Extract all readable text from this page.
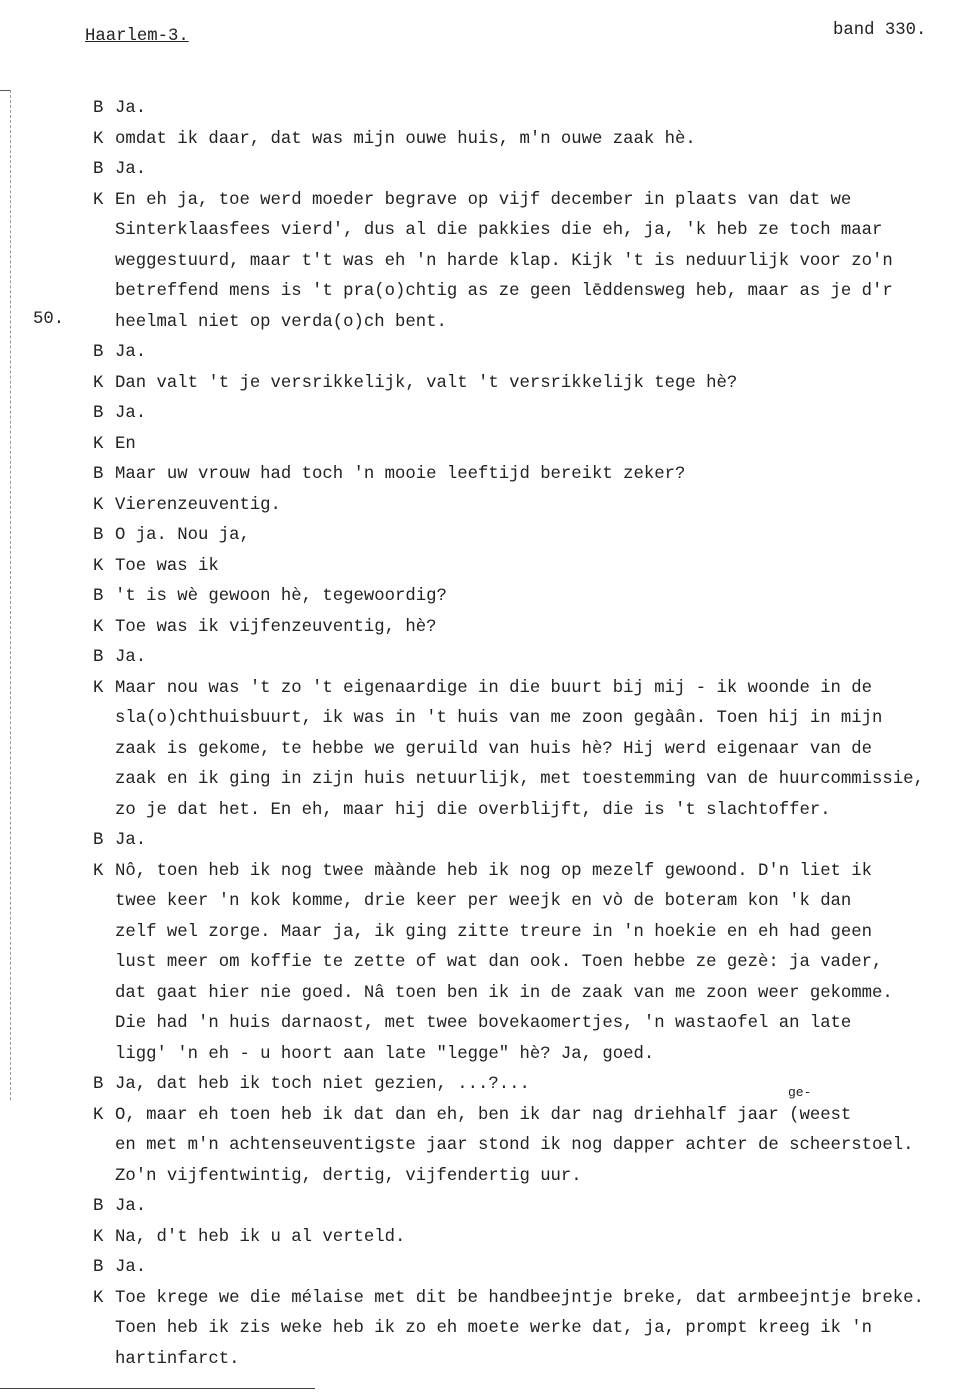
Haarlem-3.	band 330.
50.
ge-
B Ja.
K omdat ik daar, dat was mijn ouwe huis, m'n ouwe zaak hè.
B Ja.
K En eh ja, toe werd moeder begrave op vijf december in plaats van dat we
Sinterklaasfees vierd', dus al die pakkies die eh, ja, 'k heb ze toch maar
weggestuurd, maar t't was eh 'n harde klap. Kijk 't is neduurlijk voor zo'n
betreffend mens is 't pra(o)chtig as ze geen lēddensweg heb, maar as je d'r
heelmal niet op verda(o)ch bent.
B Ja.
K Dan valt 't je versrikkelijk, valt 't versrikkelijk tege hè?
B Ja.
K En
B Maar uw vrouw had toch 'n mooie leeftijd bereikt zeker?
K Vierenzeuventig.
B O ja. Nou ja,
K Toe was ik
B 't is wè gewoon hè, tegewoordig?
K Toe was ik vijfenzeuventig, hè?
B Ja.
K Maar nou was 't zo 't eigenaardige in die buurt bij mij - ik woonde in de
sla(o)chthuisbuurt, ik was in 't huis van me zoon gegàân. Toen hij in mijn
zaak is gekome, te hebbe we geruild van huis hè? Hij werd eigenaar van de
zaak en ik ging in zijn huis netuurlijk, met toestemming van de huurcommissie,
zo je dat het. En eh, maar hij die overblijft, die is 't slachtoffer.
B Ja.
K Nô, toen heb ik nog twee màànde heb ik nog op mezelf gewoond. D'n liet ik
twee keer 'n kok komme, drie keer per weejk en vò de boteram kon 'k dan
zelf wel zorge. Maar ja, ik ging zitte treure in 'n hoekie en eh had geen
lust meer om koffie te zette of wat dan ook. Toen hebbe ze gezè: ja vader,
dat gaat hier nie goed. Nâ toen ben ik in de zaak van me zoon weer gekomme.
Die had 'n huis darnaost, met twee bovekaomertjes, 'n wastaofel an late
ligg' 'n eh - u hoort aan late "legge" hè? Ja, goed.
B Ja, dat heb ik toch niet gezien, ...?...
K O, maar eh toen heb ik dat dan eh, ben ik dar nag driehhalf jaar (weest
en met m'n achtenseuventigste jaar stond ik nog dapper achter de scheerstoel.
Zo'n vijfentwintig, dertig, vijfendertig uur.
B Ja.
K Na, d't heb ik u al verteld.
B Ja.
K Toe krege we die mélaise met dit be handbeejntje breke, dat armbeejntje breke.
Toen heb ik zis weke heb ik zo eh moete werke dat, ja, prompt kreeg ik 'n
hartinfarct.
